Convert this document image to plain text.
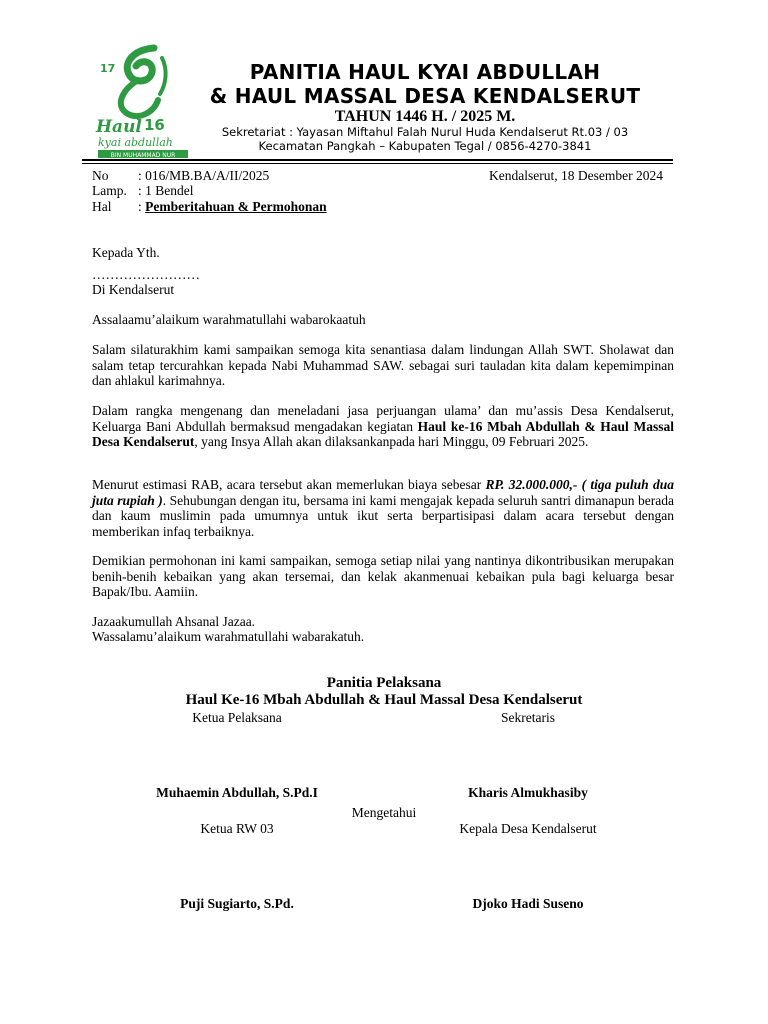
17
Haul 16
kyai abdullah
BIN MUHAMMAD NUR
PANITIA HAUL KYAI ABDULLAH
& HAUL MASSAL DESA KENDALSERUT
TAHUN 1446 H. / 2025 M.
Sekretariat : Yayasan Miftahul Falah Nurul Huda Kendalserut Rt.03 / 03
Kecamatan Pangkah – Kabupaten Tegal / 0856-4270-3841
No : 016/MB.BA/A/II/2025
Lamp. : 1 Bendel
Hal : Pemberitahuan & Permohonan
Kendalserut, 18 Desember 2024
Kepada Yth.
……………………
Di Kendalserut
Assalaamu’alaikum warahmatullahi wabarokaatuh
Salam silaturakhim kami sampaikan semoga kita senantiasa dalam lindungan Allah SWT. Sholawat dan salam tetap tercurahkan kepada Nabi Muhammad SAW. sebagai suri tauladan kita dalam kepemimpinan dan ahlakul karimahnya.
Dalam rangka mengenang dan meneladani jasa perjuangan ulama’ dan mu’assis Desa Kendalserut, Keluarga Bani Abdullah bermaksud mengadakan kegiatan Haul ke-16 Mbah Abdullah & Haul Massal Desa Kendalserut, yang Insya Allah akan dilaksankanpada hari Minggu, 09 Februari 2025.
Menurut estimasi RAB, acara tersebut akan memerlukan biaya sebesar RP. 32.000.000,- ( tiga puluh dua juta rupiah ). Sehubungan dengan itu, bersama ini kami mengajak kepada seluruh santri dimanapun berada dan kaum muslimin pada umumnya untuk ikut serta berpartisipasi dalam acara tersebut dengan memberikan infaq terbaiknya.
Demikian permohonan ini kami sampaikan, semoga setiap nilai yang nantinya dikontribusikan merupakan benih-benih kebaikan yang akan tersemai, dan kelak akanmenuai kebaikan pula bagi keluarga besar Bapak/Ibu. Aamiin.
Jazaakumullah Ahsanal Jazaa.
Wassalamu’alaikum warahmatullahi wabarakatuh.
Panitia Pelaksana
Haul Ke-16 Mbah Abdullah & Haul Massal Desa Kendalserut
Ketua Pelaksana	Sekretaris
Muhaemin Abdullah, S.Pd.I	Kharis Almukhasiby
Mengetahui
Ketua RW 03	Kepala Desa Kendalserut
Puji Sugiarto, S.Pd.	Djoko Hadi Suseno
